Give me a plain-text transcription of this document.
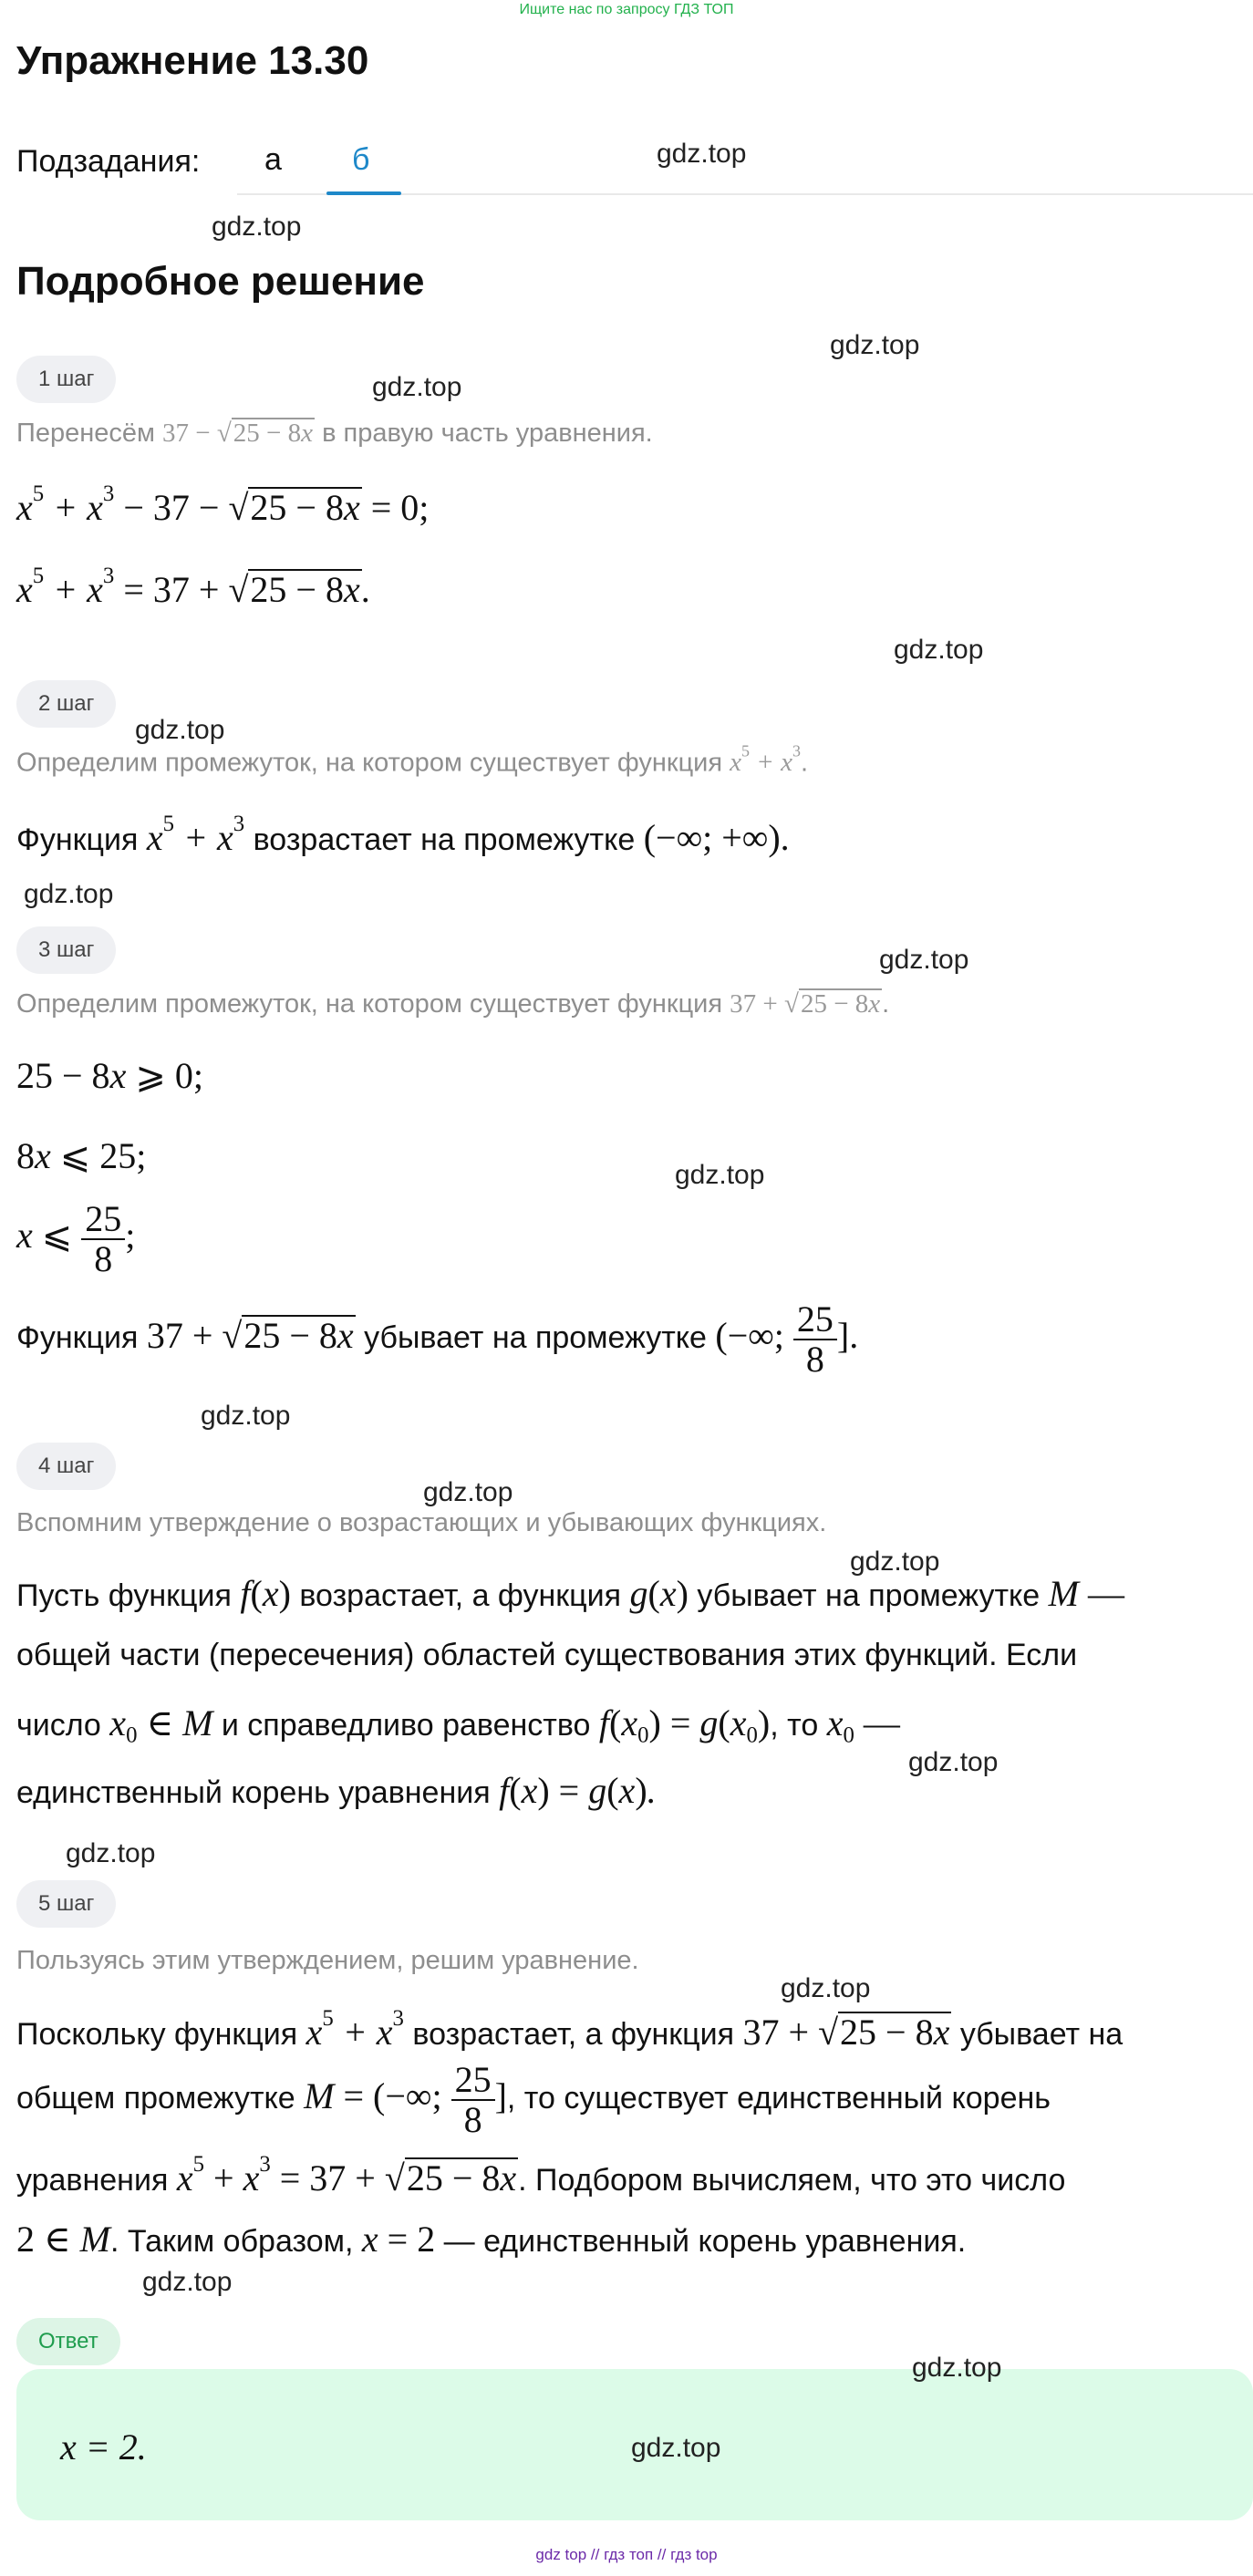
Ищите нас по запросу ГДЗ ТОП
Упражнение 13.30
Подзадания: а б
Подробное решение
1 шаг
Перенесём 37 − √25 − 8x в правую часть уравнения.
$x^5 + x^3 - 37 - √25 - 8x = 0$;
$x^5 + x^3 = 37 + √25 - 8x$.
2 шаг
Определим промежуток, на котором существует функция $x^5 + x^3$.
Функция $x^5 + x^3$ возрастает на промежутке (−∞; +∞).
3 шаг
Определим промежуток, на котором существует функция 37 + √25 − 8x.
25 − 8x ⩾ 0;
8x ⩽ 25;
x ⩽ $\frac{25}{8}$ ;
Функция 37 + √25 − 8x убывает на промежутке (−∞; $\frac{25}{8}$ ].
4 шаг
Вспомним утверждение о возрастающих и убывающих функциях.
Пусть функция f(x) возрастает, а функция g(x) убывает на промежутке M —
общей части (пересечения) областей существования этих функций. Если
число $x_0$ ∈ M и справедливо равенство $f(x_0) = g(x_0)$, то $x_0$ —
единственный корень уравнения f(x) = g(x).
5 шаг
Пользуясь этим утверждением, решим уравнение.
Поскольку функция $x^5 + x^3$ возрастает, а функция 37 + √25 − 8x убывает на
общем промежутке M = (−∞; $\frac{25}{8}$ ], то существует единственный корень
уравнения $x^5 + x^3 = 37 + √25 - 8x$. Подбором вычисляем, что это число
2 ∈ M. Таким образом, x = 2 — единственный корень уравнения.
Ответ
x = 2.
gdz.top
gdz.top
gdz.top
gdz.top
gdz.top
gdz.top
gdz.top
gdz.top
gdz.top
gdz.top
gdz.top
gdz.top
gdz.top
gdz.top
gdz.top
gdz.top
gdz.top
gdz.top
gdz top // гдз топ // гдз top
